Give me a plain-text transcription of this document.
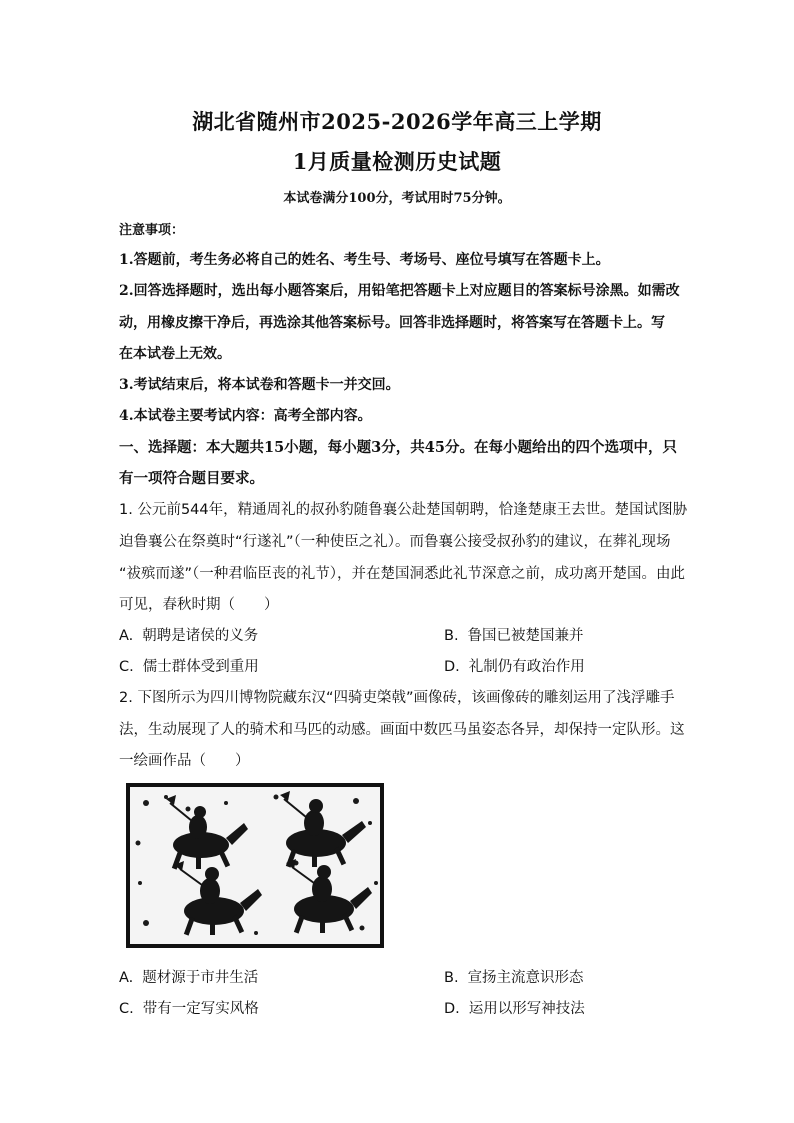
湖北省随州市2025-2026学年高三上学期
1月质量检测历史试题
本试卷满分100分，考试用时75分钟。
注意事项：
1.答题前，考生务必将自己的姓名、考生号、考场号、座位号填写在答题卡上。
2.回答选择题时，选出每小题答案后，用铅笔把答题卡上对应题目的答案标号涂黑。如需改
动，用橡皮擦干净后，再选涂其他答案标号。回答非选择题时，将答案写在答题卡上。写
在本试卷上无效。
3.考试结束后，将本试卷和答题卡一并交回。
4.本试卷主要考试内容：高考全部内容。
一、选择题：本大题共15小题，每小题3分，共45分。在每小题给出的四个选项中，只
有一项符合题目要求。
1. 公元前544年，精通周礼的叔孙豹随鲁襄公赴楚国朝聘，恰逢楚康王去世。楚国试图胁
迫鲁襄公在祭奠时“行遂礼”（一种使臣之礼）。而鲁襄公接受叔孙豹的建议，在葬礼现场
“祓殡而遂”（一种君临臣丧的礼节），并在楚国洞悉此礼节深意之前，成功离开楚国。由此
可见，春秋时期（　　）
A. 朝聘是诸侯的义务	B. 鲁国已被楚国兼并
C. 儒士群体受到重用	D. 礼制仍有政治作用
2. 下图所示为四川博物院藏东汉“四骑吏棨戟”画像砖，该画像砖的雕刻运用了浅浮雕手
法，生动展现了人的骑术和马匹的动感。画面中数匹马虽姿态各异，却保持一定队形。这
一绘画作品（　　）
A. 题材源于市井生活	B. 宣扬主流意识形态
C. 带有一定写实风格	D. 运用以形写神技法
